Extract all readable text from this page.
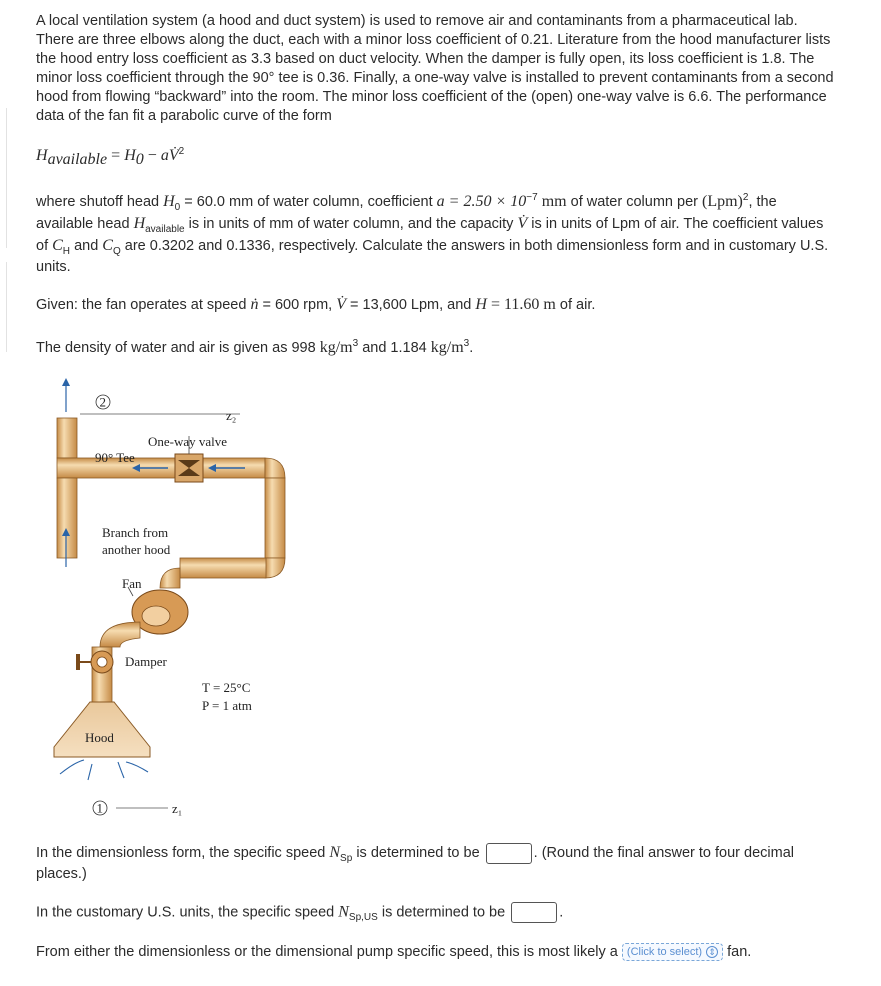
A local ventilation system (a hood and duct system) is used to remove air and contaminants from a pharmaceutical lab. There are three elbows along the duct, each with a minor loss coefficient of 0.21. Literature from the hood manufacturer lists the hood entry loss coefficient as 3.3 based on duct velocity. When the damper is fully open, its loss coefficient is 1.8. The minor loss coefficient through the 90° tee is 0.36. Finally, a one-way valve is installed to prevent contaminants from a second hood from flowing “backward” into the room. The minor loss coefficient of the (open) one-way valve is 6.6. The performance data of the fan fit a parabolic curve of the form

$H_{available} = H_0$ − aV̇$^2$

where shutoff head $H_0 = 60.0$ mm of water column, coefficient $a = 2.50 \times 10^{-7}$ mm of water column per (Lpm)$^2$, the available head $H_{available}$ is in units of mm of water column, and the capacity V̇ is in units of Lpm of air. The coefficient values of $C_H$ and $C_Q$ are 0.3202 and 0.1336, respectively. Calculate the answers in both dimensionless form and in customary U.S. units.

Given: the fan operates at speed ṅ = 600 rpm, V̇ = 13,600 Lpm, and H = 11.60 m of air.

The density of water and air is given as 998 $kg/m^3$ and 1.184 $kg/m^3$.

2
z₂
One-way valve
90° Tee
Branch from
another hood
Fan
Damper
T = 25°C
P = 1 atm
Hood
1	z₁

In the dimensionless form, the specific speed $N_{Sp}$ is determined to be	. (Round the final answer to four decimal places.)

In the customary U.S. units, the specific speed $N_{Sp,US}$ is determined to be	.

From either the dimensionless or the dimensional pump specific speed, this is most likely a (Click to select) ⇕ fan.
